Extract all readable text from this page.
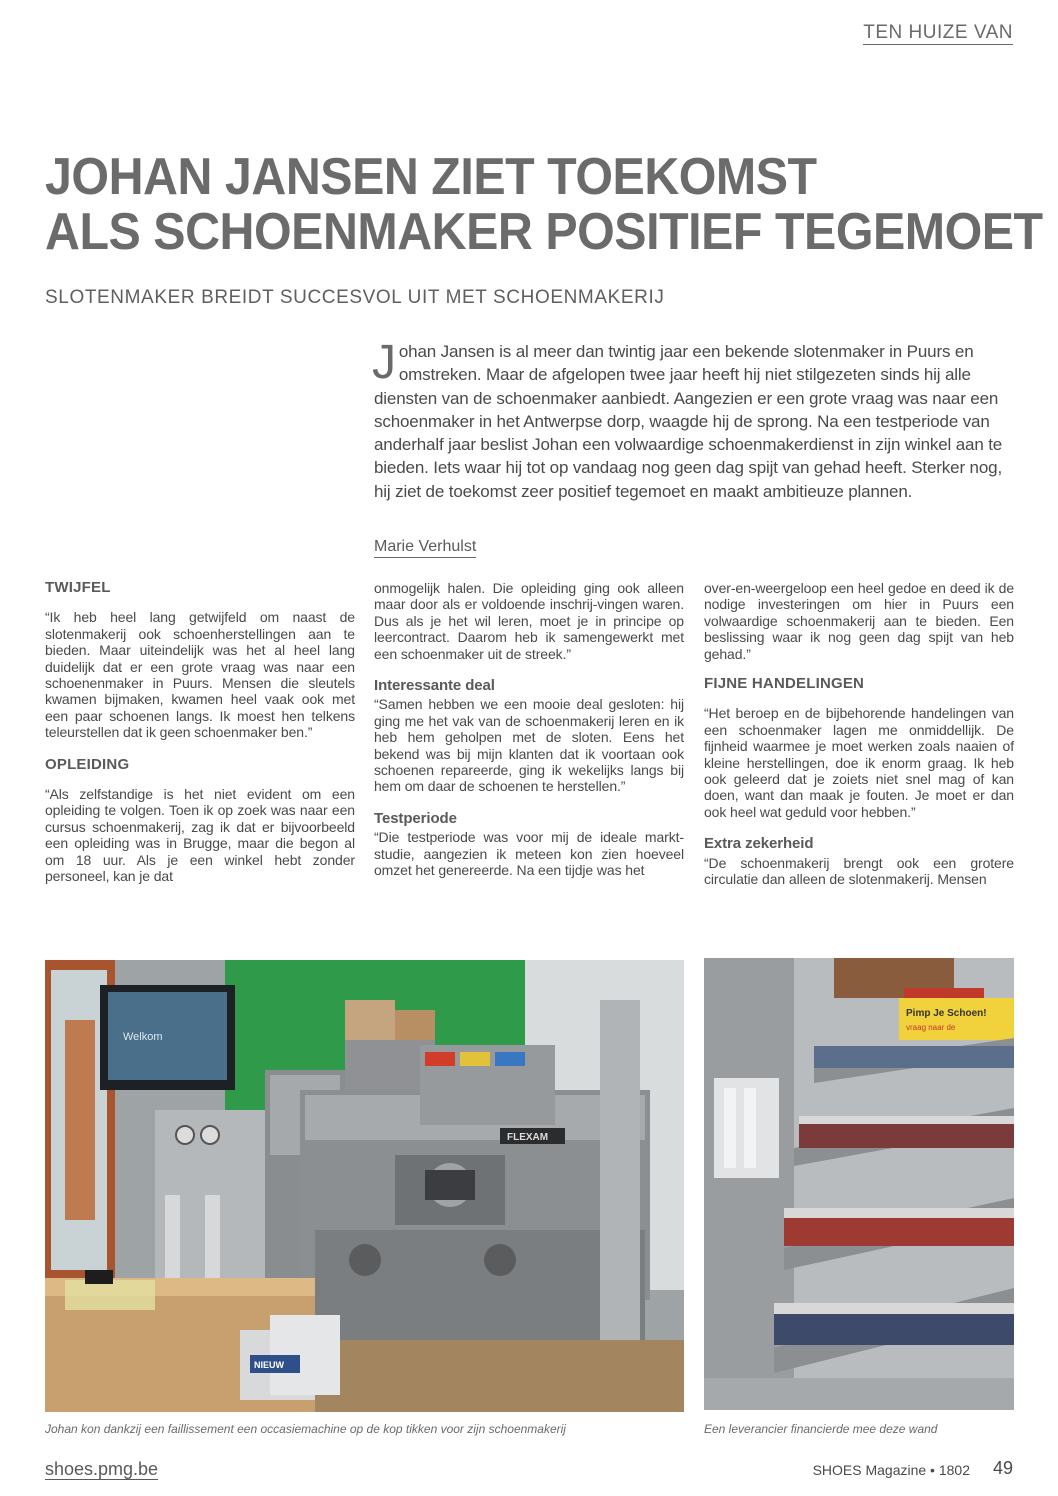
TEN HUIZE VAN
JOHAN JANSEN ZIET TOEKOMST
ALS SCHOENMAKER POSITIEF TEGEMOET
SLOTENMAKER BREIDT SUCCESVOL UIT MET SCHOENMAKERIJ
J ohan Jansen is al meer dan twintig jaar een bekende slotenmaker in Puurs en omstreken. Maar de afgelopen twee jaar heeft hij niet stilgezeten sinds hij alle diensten van de schoenmaker aanbiedt. Aangezien er een grote vraag was naar een schoenmaker in het Antwerpse dorp, waagde hij de sprong. Na een testperiode van anderhalf jaar beslist Johan een volwaardige schoenmakerdienst in zijn winkel aan te bieden. Iets waar hij tot op vandaag nog geen dag spijt van gehad heeft. Sterker nog, hij ziet de toekomst zeer positief tegemoet en maakt ambitieuze plannen.
Marie Verhulst
TWIJFEL

“Ik heb heel lang getwijfeld om naast de slotenmakerij ook schoenherstellingen aan te bieden. Maar uiteindelijk was het al heel lang duidelijk dat er een grote vraag was naar een schoenenmaker in Puurs. Mensen die sleutels kwamen bijmaken, kwamen heel vaak ook met een paar schoenen langs. Ik moest hen telkens teleurstellen dat ik geen schoenmaker ben.”

OPLEIDING

“Als zelfstandige is het niet evident om een opleiding te volgen. Toen ik op zoek was naar een cursus schoenmakerij, zag ik dat er bijvoorbeeld een opleiding was in Brugge, maar die begon al om 18 uur. Als je een winkel hebt zonder personeel, kan je dat

onmogelijk halen. Die opleiding ging ook alleen maar door als er voldoende inschrij-vingen waren. Dus als je het wil leren, moet je in principe op leercontract. Daarom heb ik samengewerkt met een schoenmaker uit de streek.”

Interessante deal

“Samen hebben we een mooie deal gesloten: hij ging me het vak van de schoenmakerij leren en ik heb hem geholpen met de sloten. Eens het bekend was bij mijn klanten dat ik voortaan ook schoenen repareerde, ging ik wekelijks langs bij hem om daar de schoenen te herstellen.”

Testperiode

“Die testperiode was voor mij de ideale markt-studie, aangezien ik meteen kon zien hoeveel omzet het genereerde. Na een tijdje was het

over-en-weergeloop een heel gedoe en deed ik de nodige investeringen om hier in Puurs een volwaardige schoenmakerij aan te bieden. Een beslissing waar ik nog geen dag spijt van heb gehad.”

FIJNE HANDELINGEN

“Het beroep en de bijbehorende handelingen van een schoenmaker lagen me onmiddellijk. De fijnheid waarmee je moet werken zoals naaien of kleine herstellingen, doe ik enorm graag. Ik heb ook geleerd dat je zoiets niet snel mag of kan doen, want dan maak je fouten. Je moet er dan ook heel wat geduld voor hebben.”

Extra zekerheid

“De schoenmakerij brengt ook een grotere circulatie dan alleen de slotenmakerij. Mensen

Welkom
FLEXAM
NIEUW
Pimp Je Schoen!
vraag naar de
Johan kon dankzij een faillissement een occasiemachine op de kop tikken voor zijn schoenmakerij	Een leverancier financierde mee deze wand
shoes.pmg.be	SHOES Magazine • 1802 49
